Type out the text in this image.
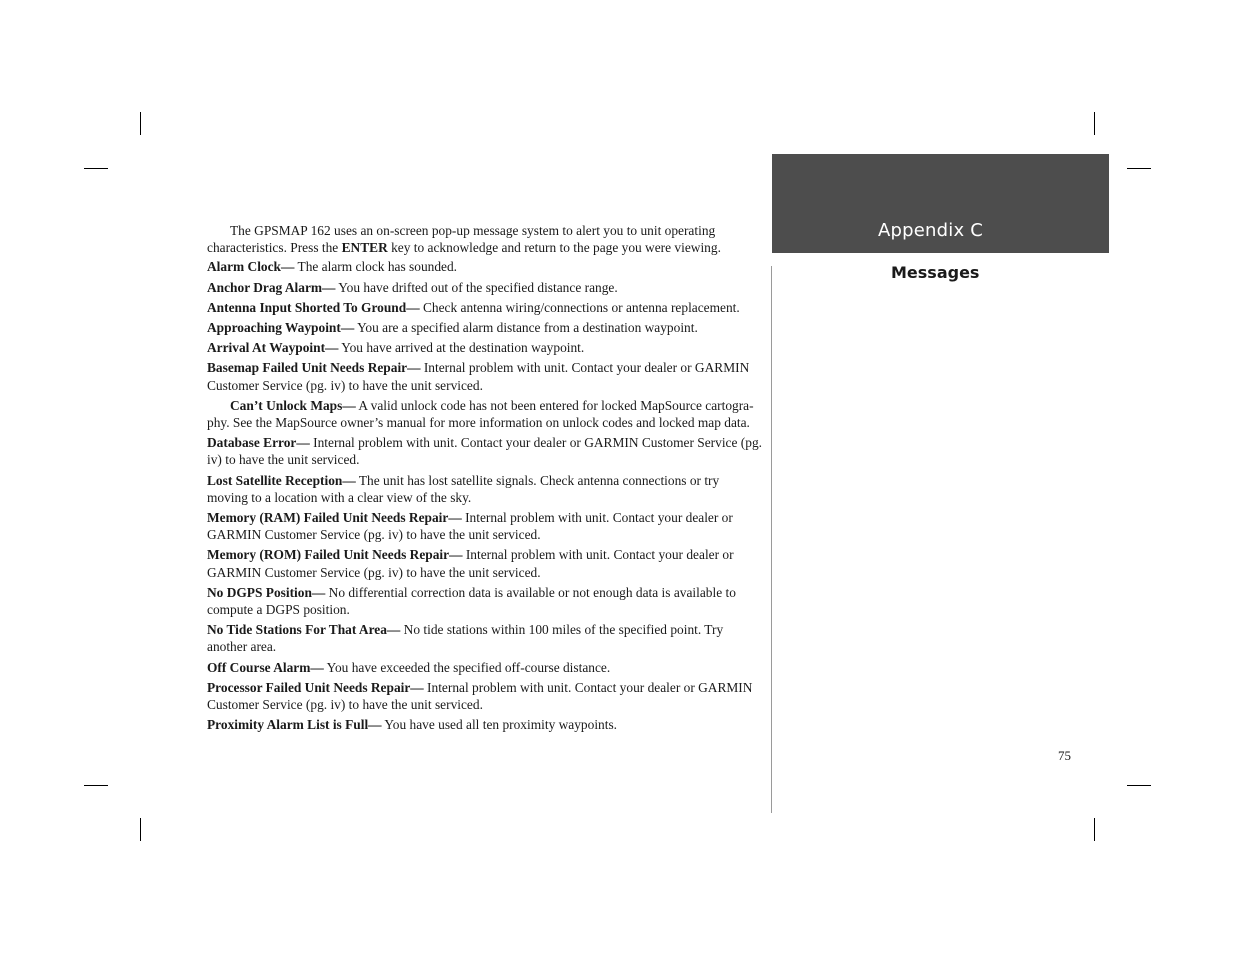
Appendix C
Messages
75

The GPSMAP 162 uses an on-screen pop-up message system to alert you to unit operating characteristics. Press the ENTER key to acknowledge and return to the page you were viewing.

Alarm Clock— The alarm clock has sounded.

Anchor Drag Alarm— You have drifted out of the specified distance range.

Antenna Input Shorted To Ground— Check antenna wiring/connections or antenna replacement.

Approaching Waypoint— You are a specified alarm distance from a destination waypoint.

Arrival At Waypoint— You have arrived at the destination waypoint.

Basemap Failed Unit Needs Repair— Internal problem with unit. Contact your dealer or GARMIN Customer Service (pg. iv) to have the unit serviced.

Can’t Unlock Maps— A valid unlock code has not been entered for locked MapSource cartogra-phy. See the MapSource owner’s manual for more information on unlock codes and locked map data.

Database Error— Internal problem with unit. Contact your dealer or GARMIN Customer Service (pg. iv) to have the unit serviced.

Lost Satellite Reception— The unit has lost satellite signals. Check antenna connections or try moving to a location with a clear view of the sky.

Memory (RAM) Failed Unit Needs Repair— Internal problem with unit. Contact your dealer or GARMIN Customer Service (pg. iv) to have the unit serviced.

Memory (ROM) Failed Unit Needs Repair— Internal problem with unit. Contact your dealer or GARMIN Customer Service (pg. iv) to have the unit serviced.

No DGPS Position— No differential correction data is available or not enough data is available to compute a DGPS position.

No Tide Stations For That Area— No tide stations within 100 miles of the specified point. Try another area.

Off Course Alarm— You have exceeded the specified off-course distance.

Processor Failed Unit Needs Repair— Internal problem with unit. Contact your dealer or GARMIN Customer Service (pg. iv) to have the unit serviced.

Proximity Alarm List is Full— You have used all ten proximity waypoints.
